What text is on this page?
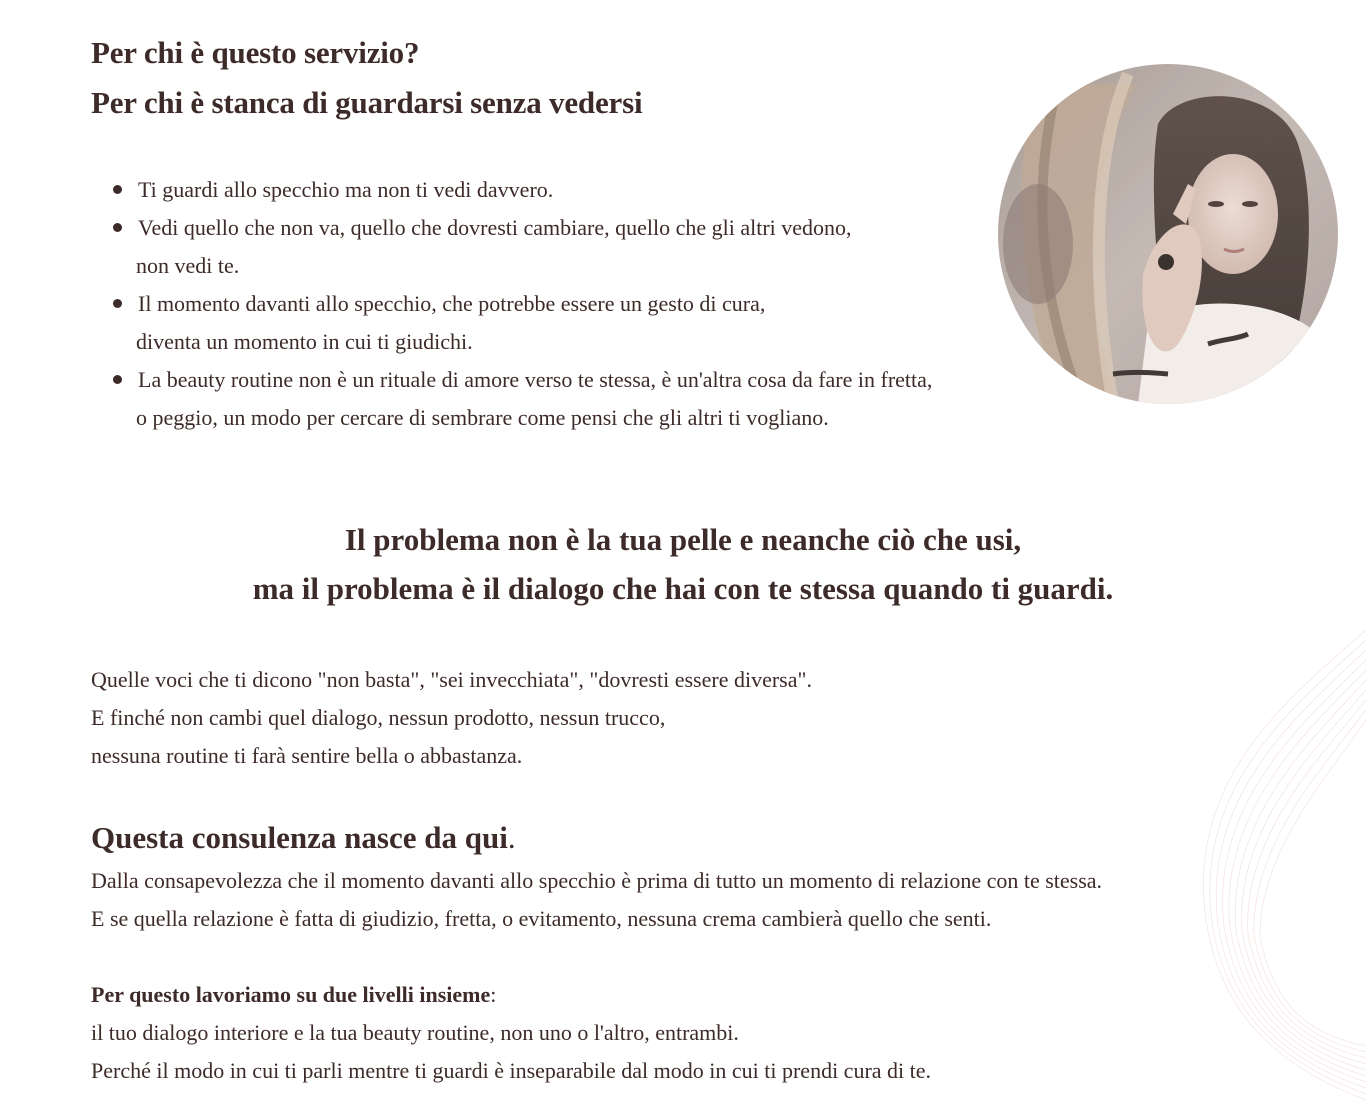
Per chi è questo servizio?
Per chi è stanca di guardarsi senza vedersi
Ti guardi allo specchio ma non ti vedi davvero.
Vedi quello che non va, quello che dovresti cambiare, quello che gli altri vedono,
non vedi te.
Il momento davanti allo specchio, che potrebbe essere un gesto di cura,
diventa un momento in cui ti giudichi.
La beauty routine non è un rituale di amore verso te stessa, è un'altra cosa da fare in fretta,
o peggio, un modo per cercare di sembrare come pensi che gli altri ti vogliano.
Il problema non è la tua pelle e neanche ciò che usi,
ma il problema è il dialogo che hai con te stessa quando ti guardi.

Quelle voci che ti dicono "non basta", "sei invecchiata", "dovresti essere diversa".
E finché non cambi quel dialogo, nessun prodotto, nessun trucco,
nessuna routine ti farà sentire bella o abbastanza.

Questa consulenza nasce da qui.

Dalla consapevolezza che il momento davanti allo specchio è prima di tutto un momento di relazione con te stessa.
E se quella relazione è fatta di giudizio, fretta, o evitamento, nessuna crema cambierà quello che senti.

Per questo lavoriamo su due livelli insieme:
il tuo dialogo interiore e la tua beauty routine, non uno o l'altro, entrambi.
Perché il modo in cui ti parli mentre ti guardi è inseparabile dal modo in cui ti prendi cura di te.
